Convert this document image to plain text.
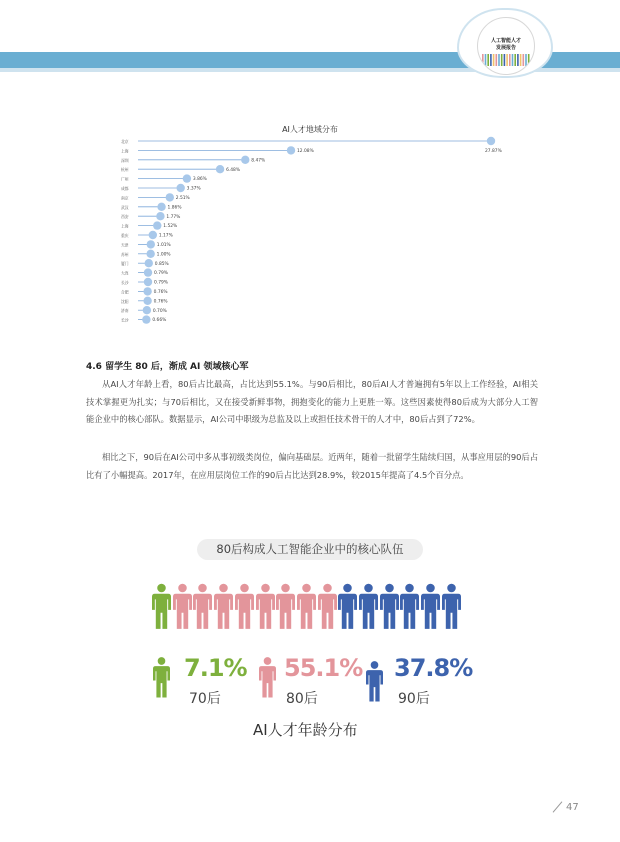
人工智能人才
发展报告
AI人才地域分布
北京
27.87%
上海	12.08%
深圳	8.47%
杭州	6.48%
广州	3.86%
成都	3.37%
南京	2.51%
武汉	1.86%
西安	1.77%
上海	1.52%
重庆	1.17%
天津	1.01%
苏州	1.00%
厦门	0.85%
大连	0.79%
长沙	0.79%
合肥	0.76%
沈阳	0.76%
济南	0.70%
长沙	0.66%
4.6 留学生 80 后，渐成 AI 领域核心军
从AI人才年龄上看，80后占比最高，占比达到55.1%。与90后相比，80后AI人才普遍拥有5年以上工作经验，AI相关技术掌握更为扎实；与70后相比，又在接受新鲜事物，拥抱变化的能力上更胜一筹。这些因素使得80后成为大部分人工智能企业中的核心部队。数据显示，AI公司中职级为总监及以上或担任技术骨干的人才中，80后占到了72%。
相比之下，90后在AI公司中多从事初级类岗位，偏向基础层。近两年，随着一批留学生陆续归国，从事应用层的90后占比有了小幅提高。2017年，在应用层岗位工作的90后占比达到28.9%，较2015年提高了4.5个百分点。
80后构成人工智能企业中的核心队伍
7.1%
70后
55.1%
80后
37.8%
90后
AI人才年龄分布
47
